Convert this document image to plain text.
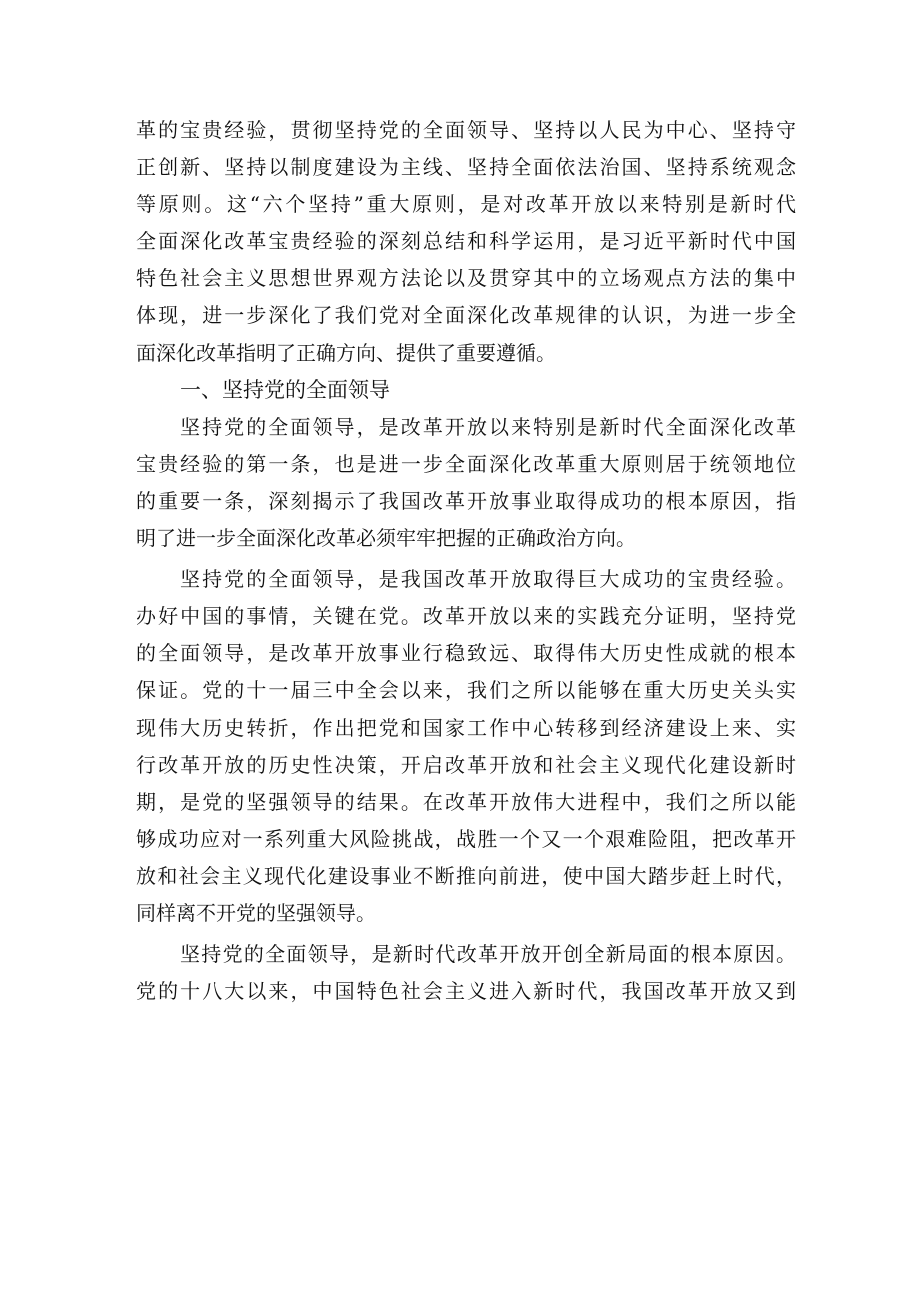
革的宝贵经验，贯彻坚持党的全面领导、坚持以人民为中心、坚持守
正创新、坚持以制度建设为主线、坚持全面依法治国、坚持系统观念
等原则。这“六个坚持”重大原则，是对改革开放以来特别是新时代
全面深化改革宝贵经验的深刻总结和科学运用，是习近平新时代中国
特色社会主义思想世界观方法论以及贯穿其中的立场观点方法的集中
体现，进一步深化了我们党对全面深化改革规律的认识，为进一步全
面深化改革指明了正确方向、提供了重要遵循。
一、坚持党的全面领导
坚持党的全面领导，是改革开放以来特别是新时代全面深化改革
宝贵经验的第一条，也是进一步全面深化改革重大原则居于统领地位
的重要一条，深刻揭示了我国改革开放事业取得成功的根本原因，指
明了进一步全面深化改革必须牢牢把握的正确政治方向。
坚持党的全面领导，是我国改革开放取得巨大成功的宝贵经验。
办好中国的事情，关键在党。改革开放以来的实践充分证明，坚持党
的全面领导，是改革开放事业行稳致远、取得伟大历史性成就的根本
保证。党的十一届三中全会以来，我们之所以能够在重大历史关头实
现伟大历史转折，作出把党和国家工作中心转移到经济建设上来、实
行改革开放的历史性决策，开启改革开放和社会主义现代化建设新时
期，是党的坚强领导的结果。在改革开放伟大进程中，我们之所以能
够成功应对一系列重大风险挑战，战胜一个又一个艰难险阻，把改革开
放和社会主义现代化建设事业不断推向前进，使中国大踏步赶上时代，
同样离不开党的坚强领导。
坚持党的全面领导，是新时代改革开放开创全新局面的根本原因。
党的十八大以来，中国特色社会主义进入新时代，我国改革开放又到
